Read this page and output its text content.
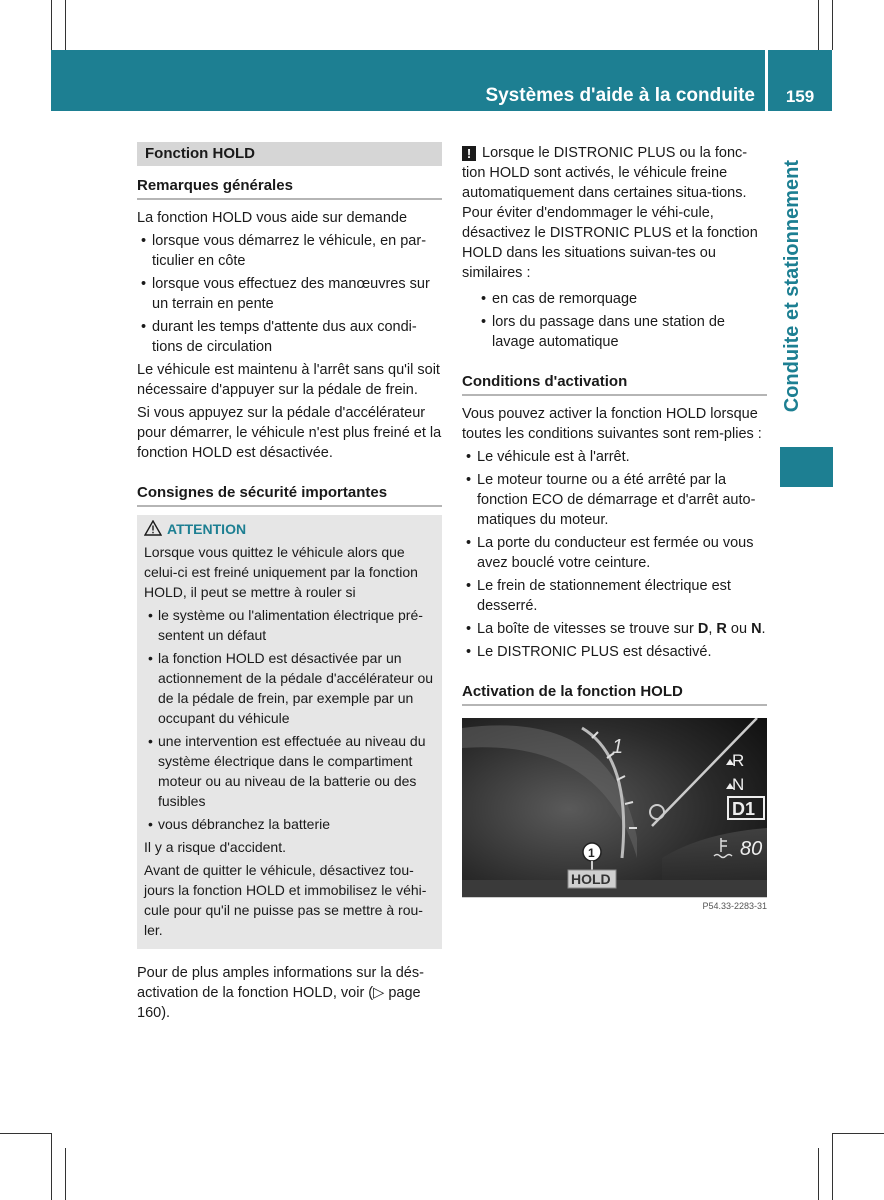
Systèmes d'aide à la conduite	159
Conduite et stationnement
Fonction HOLD
Remarques générales

La fonction HOLD vous aide sur demande

• lorsque vous démarrez le véhicule, en par-ticulier en côte
• lorsque vous effectuez des manœuvres sur un terrain en pente
• durant les temps d'attente dus aux condi-tions de circulation

Le véhicule est maintenu à l'arrêt sans qu'il soit nécessaire d'appuyer sur la pédale de frein.

Si vous appuyez sur la pédale d'accélérateur pour démarrer, le véhicule n'est plus freiné et la fonction HOLD est désactivée.

Consignes de sécurité importantes
ATTENTION

Lorsque vous quittez le véhicule alors que celui-ci est freiné uniquement par la fonction HOLD, il peut se mettre à rouler si

• le système ou l'alimentation électrique pré-sentent un défaut
• la fonction HOLD est désactivée par un actionnement de la pédale d'accélérateur ou de la pédale de frein, par exemple par un occupant du véhicule
• une intervention est effectuée au niveau du système électrique dans le compartiment moteur ou au niveau de la batterie ou des fusibles
• vous débranchez la batterie

Il y a risque d'accident.

Avant de quitter le véhicule, désactivez tou-jours la fonction HOLD et immobilisez le véhi-cule pour qu'il ne puisse pas se mettre à rou-ler.

Pour de plus amples informations sur la dés-activation de la fonction HOLD, voir (▷ page 160).

! Lorsque le DISTRONIC PLUS ou la fonc-tion HOLD sont activés, le véhicule freine automatiquement dans certaines situa-tions. Pour éviter d'endommager le véhi-cule, désactivez le DISTRONIC PLUS et la fonction HOLD dans les situations suivan-tes ou similaires :

• en cas de remorquage
• lors du passage dans une station de lavage automatique
Conditions d'activation

Vous pouvez activer la fonction HOLD lorsque toutes les conditions suivantes sont rem-plies :

• Le véhicule est à l'arrêt.
• Le moteur tourne ou a été arrêté par la fonction ECO de démarrage et d'arrêt auto-matiques du moteur.
• La porte du conducteur est fermée ou vous avez bouclé votre ceinture.
• Le frein de stationnement électrique est desserré.
• La boîte de vitesses se trouve sur D, R ou N.
• Le DISTRONIC PLUS est désactivé.
Activation de la fonction HOLD
1
R
N
D1
80
1
HOLD
P54.33-2283-31
